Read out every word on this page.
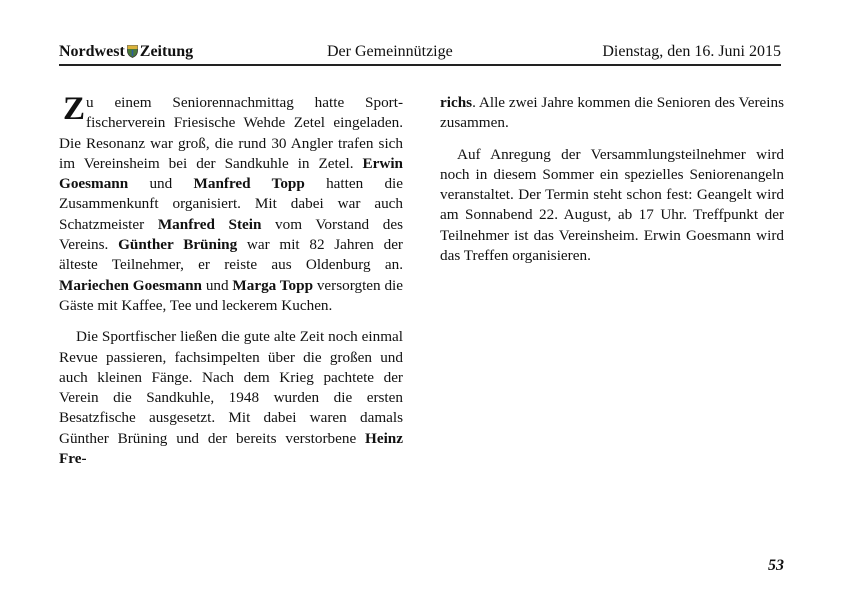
Nordwest Zeitung	Der Gemeinnützige	Dienstag, den 16. Juni 2015

Zu einem Seniorennachmittag hatte Sportfischerverein Friesische Wehde Zetel eingeladen. Die Resonanz war groß, die rund 30 Angler trafen sich im Vereinsheim bei der Sandkuhle in Zetel. Erwin Goesmann und Manfred Topp hatten die Zusammenkunft organisiert. Mit dabei war auch Schatzmeister Manfred Stein vom Vorstand des Vereins. Günther Brüning war mit 82 Jahren der älteste Teilnehmer, er reiste aus Oldenburg an. Mariechen Goesmann und Marga Topp versorgten die Gäste mit Kaffee, Tee und leckerem Kuchen.

Die Sportfischer ließen die gute alte Zeit noch einmal Revue passieren, fachsimpelten über die großen und auch kleinen Fänge. Nach dem Krieg pachtete der Verein die Sandkuhle, 1948 wurden die ersten Besatzfische ausgesetzt. Mit dabei waren damals Günther Brüning und der bereits verstorbene Heinz Fre-

richs. Alle zwei Jahre kommen die Senioren des Vereins zusammen.

Auf Anregung der Versammlungsteilnehmer wird noch in diesem Sommer ein spezielles Seniorenangeln veranstaltet. Der Termin steht schon fest: Geangelt wird am Sonnabend 22. August, ab 17 Uhr. Treffpunkt der Teilnehmer ist das Vereinsheim. Erwin Goesmann wird das Treffen organisieren.

53
